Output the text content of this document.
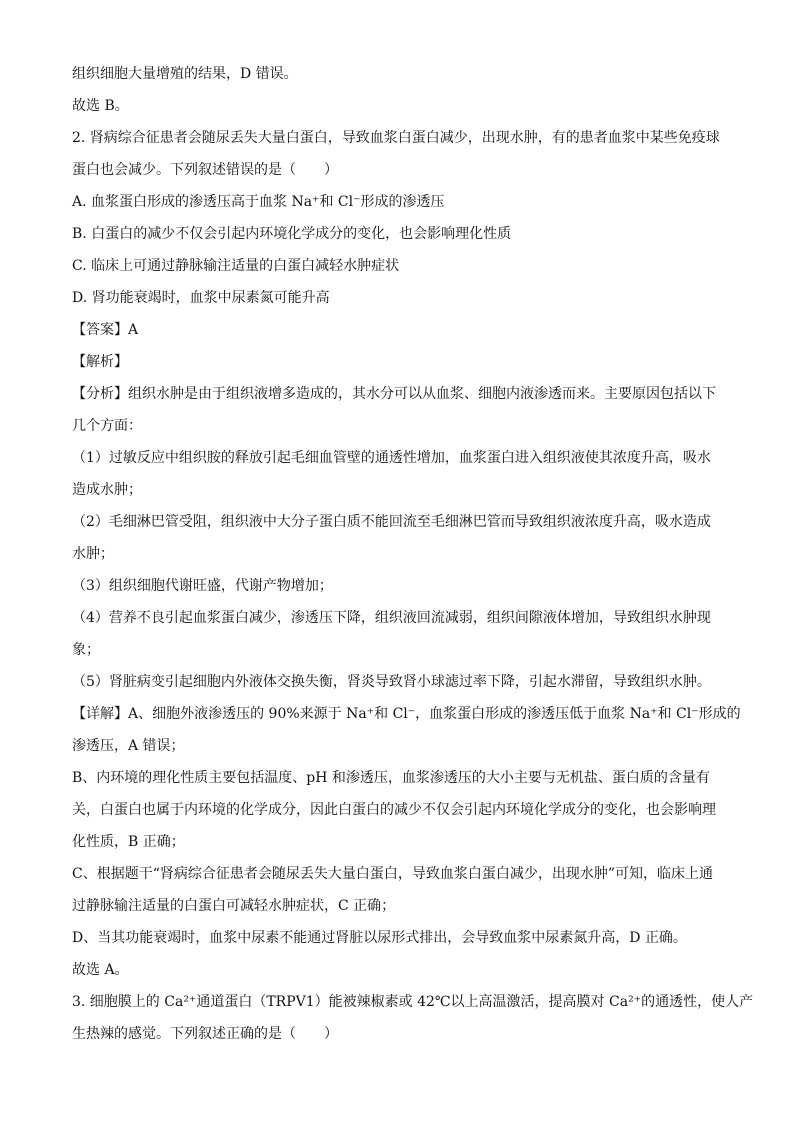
组织细胞大量增殖的结果，D 错误。
故选 B。
2. 肾病综合征患者会随尿丢失大量白蛋白，导致血浆白蛋白减少，出现水肿，有的患者血浆中某些免疫球
蛋白也会减少。下列叙述错误的是（　　）
A. 血浆蛋白形成的渗透压高于血浆 Na⁺和 Cl⁻形成的渗透压
B. 白蛋白的减少不仅会引起内环境化学成分的变化，也会影响理化性质
C. 临床上可通过静脉输注适量的白蛋白减轻水肿症状
D. 肾功能衰竭时，血浆中尿素氮可能升高
【答案】A
【解析】
【分析】组织水肿是由于组织液增多造成的，其水分可以从血浆、细胞内液渗透而来。主要原因包括以下
几个方面：
（1）过敏反应中组织胺的释放引起毛细血管壁的通透性增加，血浆蛋白进入组织液使其浓度升高，吸水
造成水肿；
（2）毛细淋巴管受阻，组织液中大分子蛋白质不能回流至毛细淋巴管而导致组织液浓度升高，吸水造成
水肿；
（3）组织细胞代谢旺盛，代谢产物增加；
（4）营养不良引起血浆蛋白减少，渗透压下降，组织液回流减弱，组织间隙液体增加，导致组织水肿现
象；
（5）肾脏病变引起细胞内外液体交换失衡，肾炎导致肾小球滤过率下降，引起水滞留，导致组织水肿。
【详解】A、细胞外液渗透压的 90%来源于 Na⁺和 Cl⁻，血浆蛋白形成的渗透压低于血浆 Na⁺和 Cl⁻形成的
渗透压，A 错误；
B、内环境的理化性质主要包括温度、pH 和渗透压，血浆渗透压的大小主要与无机盐、蛋白质的含量有
关，白蛋白也属于内环境的化学成分，因此白蛋白的减少不仅会引起内环境化学成分的变化，也会影响理
化性质，B 正确；
C、根据题干“肾病综合征患者会随尿丢失大量白蛋白，导致血浆白蛋白减少，出现水肿”可知，临床上通
过静脉输注适量的白蛋白可减轻水肿症状，C 正确；
D、当其功能衰竭时，血浆中尿素不能通过肾脏以尿形式排出，会导致血浆中尿素氮升高，D 正确。
故选 A。
3. 细胞膜上的 Ca²⁺通道蛋白（TRPV1）能被辣椒素或 42℃以上高温激活，提高膜对 Ca²⁺的通透性，使人产
生热辣的感觉。下列叙述正确的是（　　）
